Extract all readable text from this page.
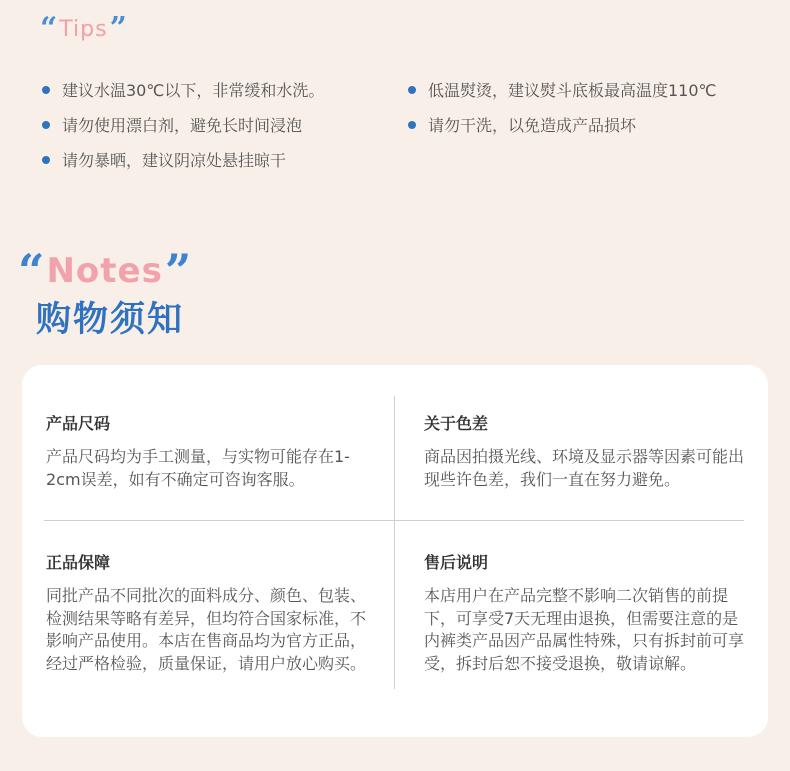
“ Tips ”
建议水温30℃以下，非常缓和水洗。
请勿使用漂白剂，避免长时间浸泡
请勿暴晒，建议阴凉处悬挂晾干
低温熨烫，建议熨斗底板最高温度110℃
请勿干洗，以免造成产品损坏
“ Notes ”
购物须知
产品尺码
产品尺码均为手工测量，与实物可能存在1-2cm误差，如有不确定可咨询客服。
关于色差
商品因拍摄光线、环境及显示器等因素可能出现些许色差，我们一直在努力避免。
正品保障
同批产品不同批次的面料成分、颜色、包装、检测结果等略有差异，但均符合国家标准，不影响产品使用。本店在售商品均为官方正品，经过严格检验，质量保证，请用户放心购买。
售后说明
本店用户在产品完整不影响二次销售的前提下，可享受7天无理由退换，但需要注意的是内裤类产品因产品属性特殊，只有拆封前可享受，拆封后恕不接受退换，敬请谅解。
